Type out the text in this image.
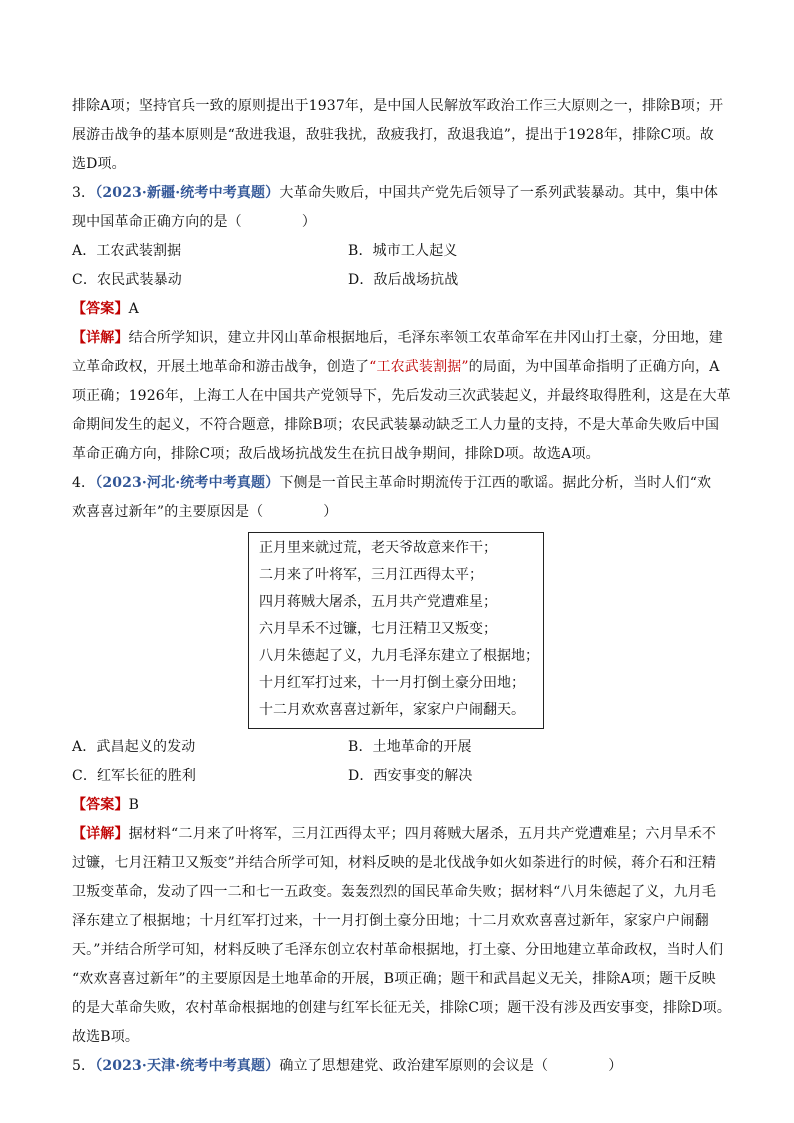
排除A项；坚持官兵一致的原则提出于1937年，是中国人民解放军政治工作三大原则之一，排除B项；开
展游击战争的基本原则是“敌进我退，敌驻我扰，敌疲我打，敌退我追”，提出于1928年，排除C项。故
选D项。
3．（2023·新疆·统考中考真题）大革命失败后，中国共产党先后领导了一系列武装暴动。其中，集中体
现中国革命正确方向的是（	）
A．工农武装割据	B．城市工人起义
C．农民武装暴动	D．敌后战场抗战
【答案】A
【详解】结合所学知识，建立井冈山革命根据地后，毛泽东率领工农革命军在井冈山打土豪，分田地，建
立革命政权，开展土地革命和游击战争，创造了“工农武装割据”的局面，为中国革命指明了正确方向，A
项正确；1926年，上海工人在中国共产党领导下，先后发动三次武装起义，并最终取得胜利，这是在大革
命期间发生的起义，不符合题意，排除B项；农民武装暴动缺乏工人力量的支持，不是大革命失败后中国
革命正确方向，排除C项；敌后战场抗战发生在抗日战争期间，排除D项。故选A项。
4．（2023·河北·统考中考真题）下侧是一首民主革命时期流传于江西的歌谣。据此分析，当时人们“欢
欢喜喜过新年”的主要原因是（	）
正月里来就过荒，老天爷故意来作干；
二月来了叶将军，三月江西得太平；
四月蒋贼大屠杀，五月共产党遭难星；
六月旱禾不过镰，七月汪精卫又叛变；
八月朱德起了义，九月毛泽东建立了根据地；
十月红军打过来，十一月打倒土豪分田地；
十二月欢欢喜喜过新年，家家户户闹翻天。
A．武昌起义的发动	B．土地革命的开展
C．红军长征的胜利	D．西安事变的解决
【答案】B
【详解】据材料“二月来了叶将军，三月江西得太平；四月蒋贼大屠杀，五月共产党遭难星；六月旱禾不
过镰，七月汪精卫又叛变”并结合所学可知，材料反映的是北伐战争如火如荼进行的时候，蒋介石和汪精
卫叛变革命，发动了四一二和七一五政变。轰轰烈烈的国民革命失败；据材料“八月朱德起了义，九月毛
泽东建立了根据地；十月红军打过来，十一月打倒土豪分田地；十二月欢欢喜喜过新年，家家户户闹翻
天。”并结合所学可知，材料反映了毛泽东创立农村革命根据地，打土豪、分田地建立革命政权，当时人们
“欢欢喜喜过新年”的主要原因是土地革命的开展，B项正确；题干和武昌起义无关，排除A项；题干反映
的是大革命失败，农村革命根据地的创建与红军长征无关，排除C项；题干没有涉及西安事变，排除D项。
故选B项。
5．（2023·天津·统考中考真题）确立了思想建党、政治建军原则的会议是（	）
